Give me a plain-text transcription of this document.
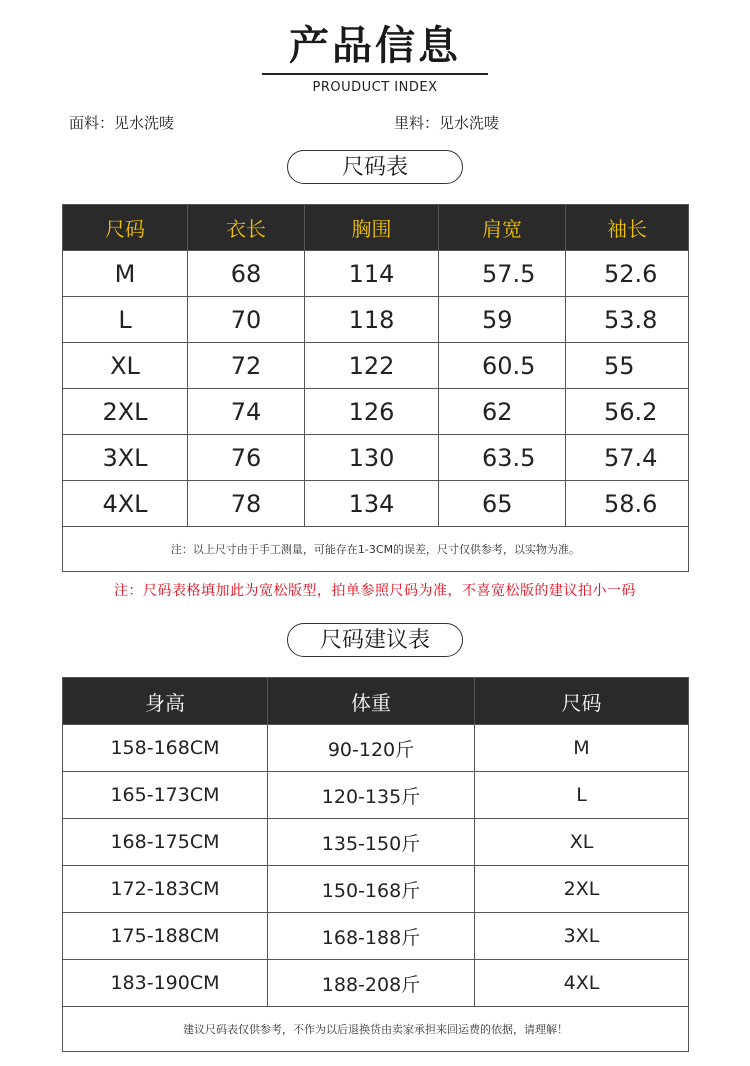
产品信息
PROUDUCT INDEX
面料：见水洗唛	里料：见水洗唛
尺码表
尺码	衣长	胸围	肩宽	袖长
M	68	114	57.5	52.6
L	70	118	59	53.8
XL	72	122	60.5	55
2XL	74	126	62	56.2
3XL	76	130	63.5	57.4
4XL	78	134	65	58.6
注：以上尺寸由于手工测量，可能存在1-3CM的误差，尺寸仅供参考，以实物为准。				
注：尺码表格填加此为宽松版型，拍单参照尺码为准，不喜宽松版的建议拍小一码
尺码建议表
身高	体重	尺码
158-168CM	90-120斤	M
165-173CM	120-135斤	L
168-175CM	135-150斤	XL
172-183CM	150-168斤	2XL
175-188CM	168-188斤	3XL
183-190CM	188-208斤	4XL
建议尺码表仅供参考，不作为以后退换货由卖家承担来回运费的依据，请理解！		
